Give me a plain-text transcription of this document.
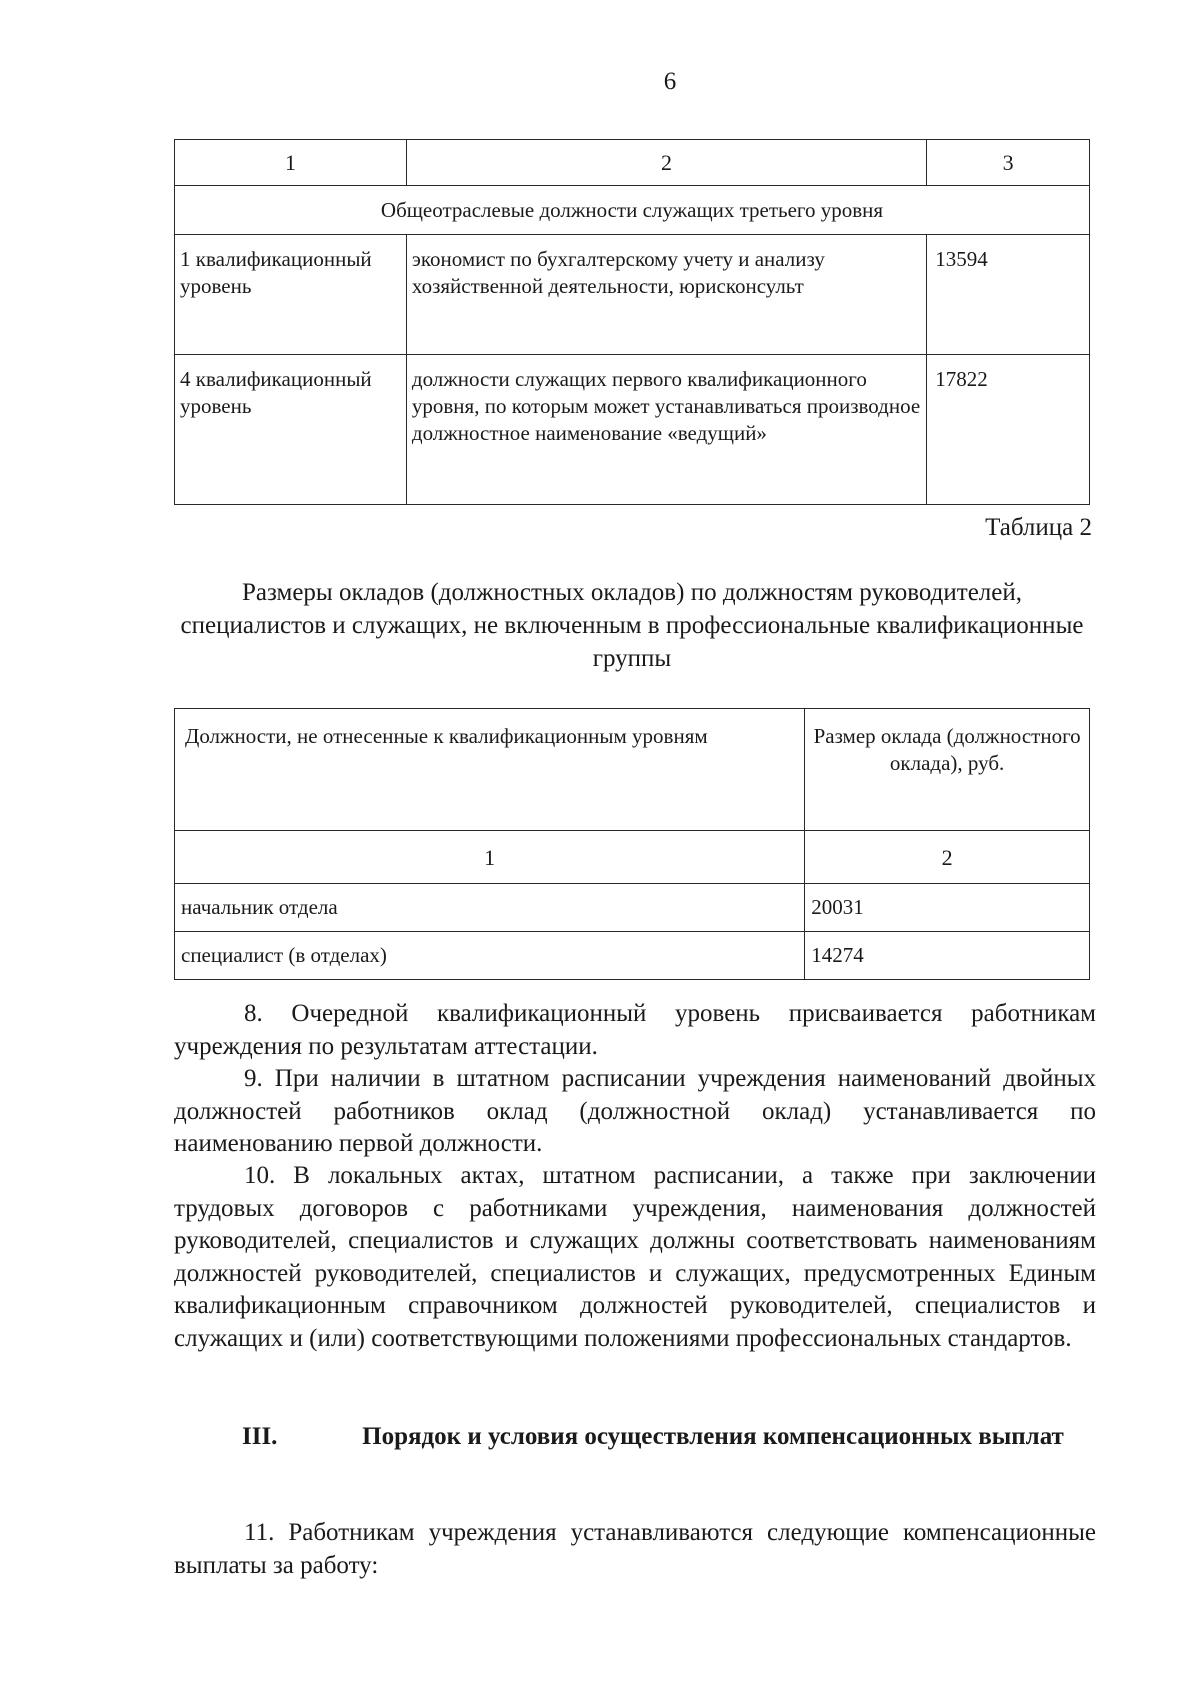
6
1	2	3
Общеотраслевые должности служащих третьего уровня		
1 квалификационный уровень	экономист по бухгалтерскому учету и анализу хозяйственной деятельности, юрисконсульт	13594
4 квалификационный уровень	должности служащих первого квалификационного уровня, по которым может устанавливаться производное должностное наименование «ведущий»	17822
Таблица 2
Размеры окладов (должностных окладов) по должностям руководителей, специалистов и служащих, не включенным в профессиональные квалификационные группы
Должности, не отнесенные к квалификационным уровням	Размер оклада (должностного оклада), руб.
1	2
начальник отдела	20031
специалист (в отделах)	14274

8. Очередной квалификационный уровень присваивается работникам учреждения по результатам аттестации.

9. При наличии в штатном расписании учреждения наименований двойных должностей работников оклад (должностной оклад) устанавливается по наименованию первой должности.

10. В локальных актах, штатном расписании, а также при заключении трудовых договоров с работниками учреждения, наименования должностей руководителей, специалистов и служащих должны соответствовать наименованиям должностей руководителей, специалистов и служащих, предусмотренных Единым квалификационным справочником должностей руководителей, специалистов и служащих и (или) соответствующими положениями профессиональных стандартов.

III.	Порядок и условия осуществления компенсационных выплат

11. Работникам учреждения устанавливаются следующие компенсационные выплаты за работу:
